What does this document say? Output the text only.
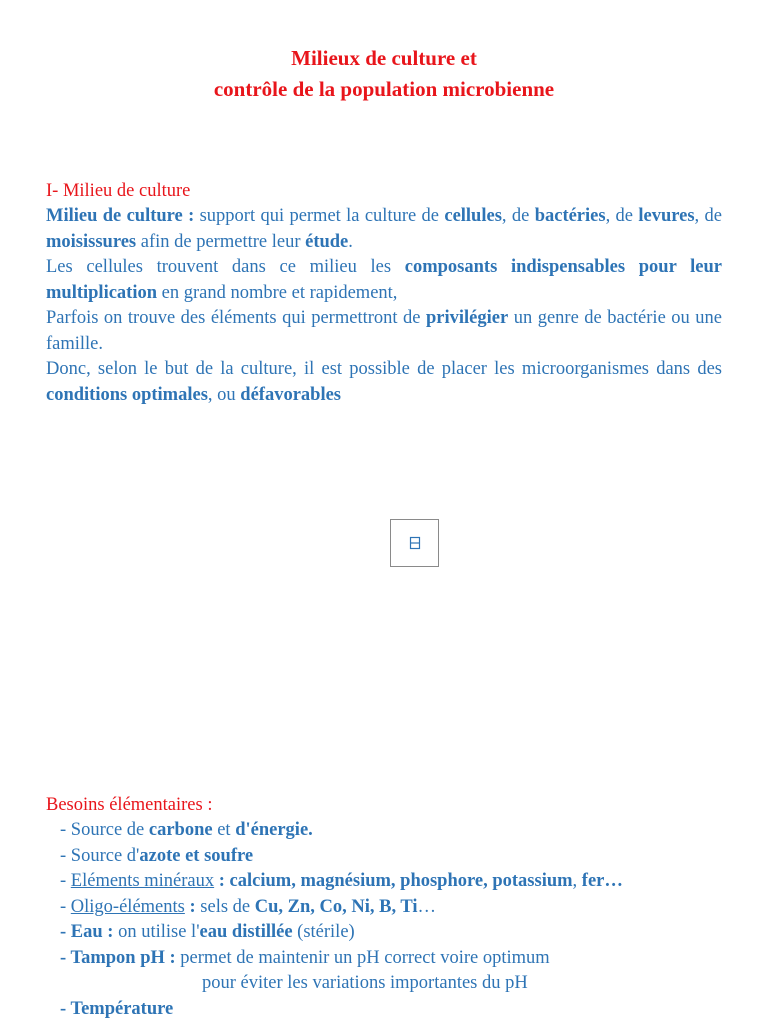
Milieux de culture et
contrôle de la population microbienne
I- Milieu de culture

Milieu de culture : support qui permet la culture de cellules, de bactéries, de levures, de moisissures afin de permettre leur étude.

Les cellules trouvent dans ce milieu les composants indispensables pour leur multiplication en grand nombre et rapidement,

Parfois on trouve des éléments qui permettront de privilégier un genre de bactérie ou une famille.

Donc, selon le but de la culture, il est possible de placer les microorganismes dans des conditions optimales, ou défavorables

Besoins élémentaires :
- Source de carbone et d'énergie.
- Source d'azote et soufre
- Eléments minéraux : calcium, magnésium, phosphore, potassium, fer…
- Oligo-éléments : sels de Cu, Zn, Co, Ni, B, Ti…
- Eau : on utilise l'eau distillée (stérile)
- Tampon pH : permet de maintenir un pH correct voire optimum
pour éviter les variations importantes du pH
- Température
